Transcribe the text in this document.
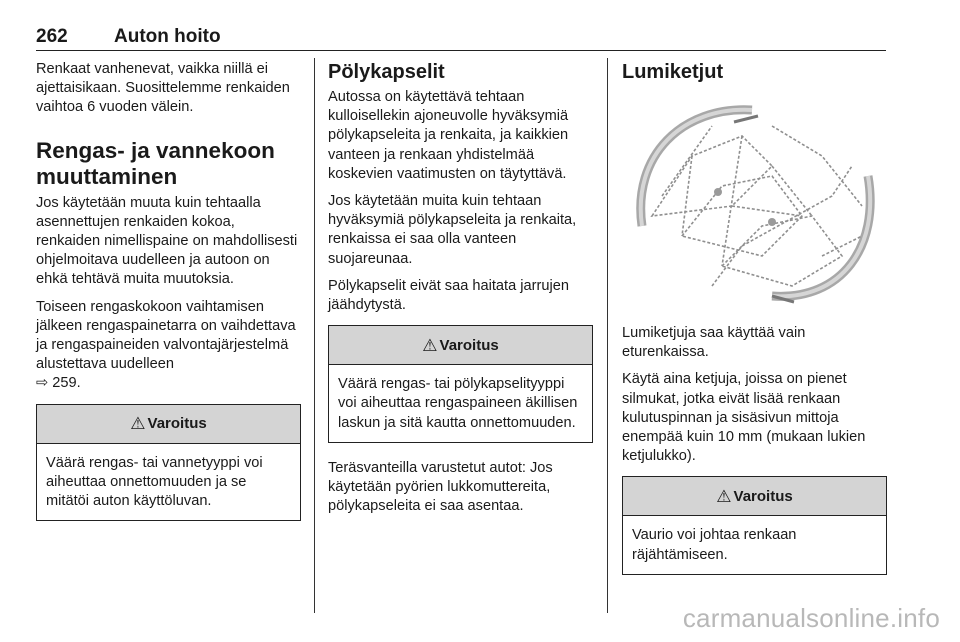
262 Auton hoito

Renkaat vanhenevat, vaikka niillä ei ajettaisikaan. Suosittelemme renkaiden vaihtoa 6 vuoden välein.

Rengas- ja vannekoon muuttaminen

Jos käytetään muuta kuin tehtaalla asennettujen renkaiden kokoa, renkaiden nimellispaine on mahdollisesti ohjelmoitava uudelleen ja autoon on ehkä tehtävä muita muutoksia.

Toiseen rengaskokoon vaihtamisen jälkeen rengaspainetarra on vaihdettava ja rengaspaineiden valvontajärjestelmä alustettava uudelleen
⇨ 259.

⚠ Varoitus
Väärä rengas- tai vannetyyppi voi aiheuttaa onnettomuuden ja se mitätöi auton käyttöluvan.
Pölykapselit

Autossa on käytettävä tehtaan kulloisellekin ajoneuvolle hyväksymiä pölykapseleita ja renkaita, ja kaikkien vanteen ja renkaan yhdistelmää koskevien vaatimusten on täytyttävä.

Jos käytetään muita kuin tehtaan hyväksymiä pölykapseleita ja renkaita, renkaissa ei saa olla vanteen suojareunaa.

Pölykapselit eivät saa haitata jarrujen jäähdytystä.

⚠ Varoitus
Väärä rengas- tai pölykapselityyppi voi aiheuttaa rengaspaineen äkillisen laskun ja sitä kautta onnettomuuden.

Teräsvanteilla varustetut autot: Jos käytetään pyörien lukkomuttereita, pölykapseleita ei saa asentaa.

Lumiketjut

Lumiketjuja saa käyttää vain eturenkaissa.

Käytä aina ketjuja, joissa on pienet silmukat, jotka eivät lisää renkaan kulutuspinnan ja sisäsivun mittoja enempää kuin 10 mm (mukaan lukien ketjulukko).

⚠ Varoitus
Vaurio voi johtaa renkaan räjähtämiseen.
carmanualsonline.info
